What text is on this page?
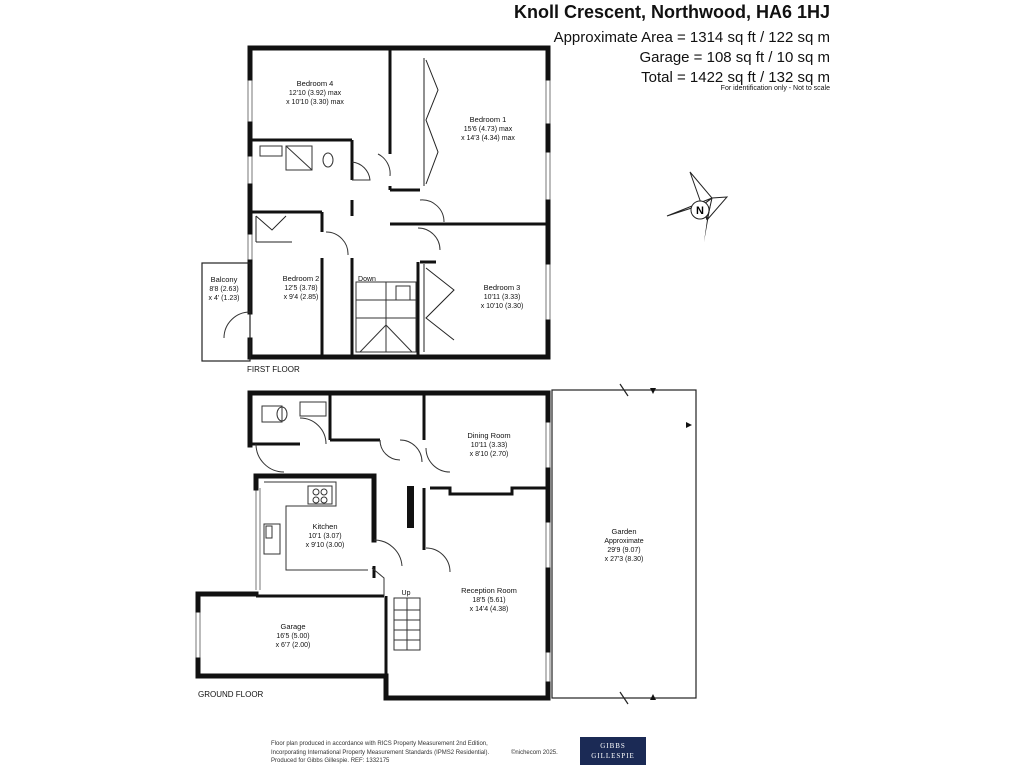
Knoll Crescent, Northwood, HA6 1HJ
Approximate Area = 1314 sq ft / 122 sq m
Garage = 108 sq ft / 10 sq m
Total = 1422 sq ft / 132 sq m
For identification only - Not to scale
N
Bedroom 4
12'10 (3.92) max
x 10'10 (3.30) max
Bedroom 1
15'6 (4.73) max
x 14'3 (4.34) max
Bedroom 2
12'5 (3.78)
x 9'4 (2.85)
Bedroom 3
10'11 (3.33)
x 10'10 (3.30)
Balcony
8'8 (2.63)
x 4' (1.23)
Down
FIRST FLOOR
Dining Room
10'11 (3.33)
x 8'10 (2.70)
Kitchen
10'1 (3.07)
x 9'10 (3.00)
Reception Room
18'5 (5.61)
x 14'4 (4.38)
Garage
16'5 (5.00)
x 6'7 (2.00)
Garden
Approximate
29'9 (9.07)
x 27'3 (8.30)
Up
GROUND FLOOR
Floor plan produced in accordance with RICS Property Measurement 2nd Edition,
Incorporating International Property Measurement Standards (IPMS2 Residential).	©nichecom 2025.
Produced for Gibbs Gillespie. REF: 1332175
GIBBS
GILLESPIE
